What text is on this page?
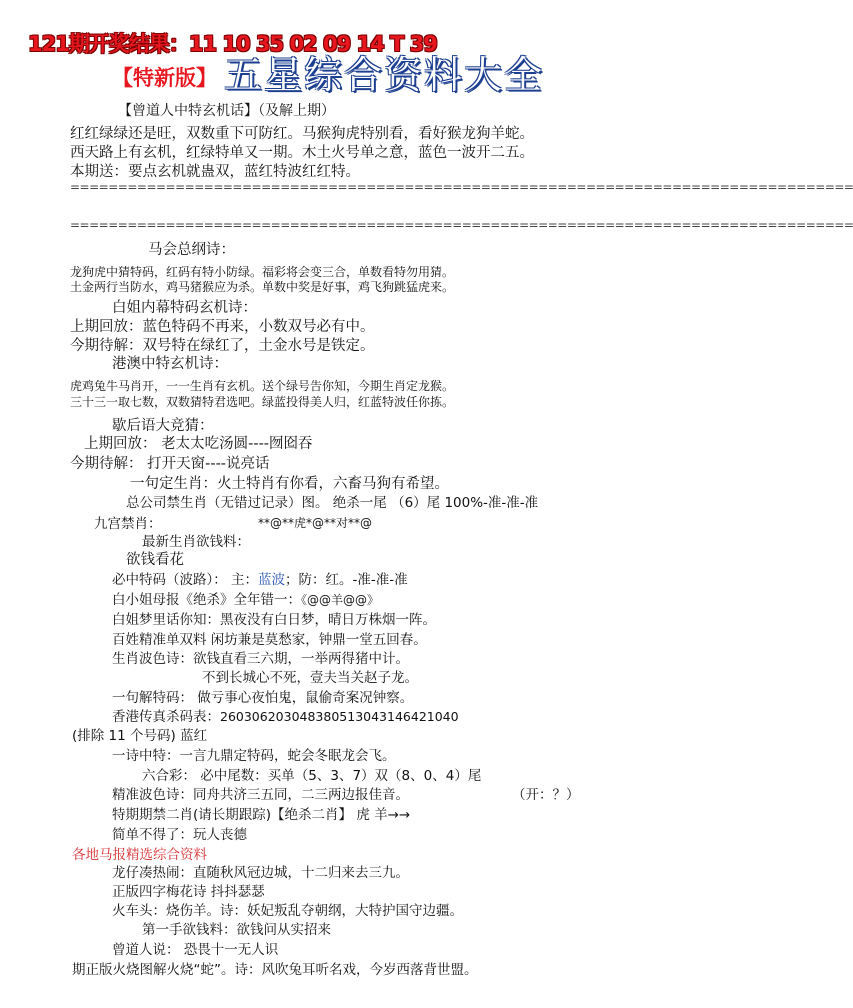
121期开奖结果：11 10 35 02 09 14 T 39
【特新版】 五星综合资料大全
【曾道人中特玄机话】（及解上期）
红红绿绿还是旺，双数重下可防红。马猴狗虎特别看，看好猴龙狗羊蛇。
西天路上有玄机，红绿特单又一期。木土火号单之意，蓝色一波开二五。
本期送：要点玄机就蛊双，蓝红特波红红特。
==================================================================================
==================================================================================
马会总纲诗：
龙狗虎中猜特码，红码有特小防绿。福彩将会变三合，单数看特勿用猜。
土金两行当防水，鸡马猪猴应为杀。单数中奖是好事，鸡飞狗跳猛虎来。
白姐内幕特码玄机诗：
上期回放：蓝色特码不再来，小数双号必有中。
今期待解：双号特在绿红了，土金水号是铁定。
港澳中特玄机诗：
虎鸡兔牛马肖开，一一生肖有玄机。送个绿号告你知，今期生肖定龙猴。
三十三一取七数，双数猜特君选吧。绿蓝投得美人归，红蓝特波任你拣。
歇后语大竞猜：
上期回放： 老太太吃汤圆----囫囵吞
今期待解： 打开天窗----说亮话
一句定生肖：火土特肖有你看，六畜马狗有希望。
总公司禁生肖（无错过记录）图。 绝杀一尾 （6）尾 100%-准-准-准
九宫禁肖：	**@**虎*@**对**@
最新生肖欲钱料：
欲钱看花
必中特码（波路）： 主：蓝波；防：红。-准-准-准
白小姐母报《绝杀》全年错一：《@@羊@@》
白姐梦里话你知：黑夜没有白日梦，晴日万株烟一阵。
百姓精准单双料 闲坊兼是莫愁家，钟鼎一堂五回春。
生肖波色诗：欲钱直看三六期，一举两得猪中计。
不到长城心不死，壹夫当关赵子龙。
一句解特码： 做亏事心夜怕鬼，鼠偷奇案况钟察。
香港传真杀码表：2603062030483805130431464210​40
(排除 11 个号码) 蓝红
一诗中特：一言九鼎定特码，蛇会冬眠龙会飞。
六合彩： 必中尾数：买单（5、3、7）双（8、0、4）尾
精准波色诗：同舟共济三五同，二三两边报佳音。	（开：？）
特期期禁二肖(请长期跟踪)【绝杀二肖】 虎 羊→→
简单不得了：玩人丧德
各地马报精选综合资料
龙仔凑热闹：直随秋风冠边城，十二归来去三九。
正版四字梅花诗 抖抖瑟瑟
火车头：烧伤羊。诗：妖妃叛乱夺朝纲，大特护国守边疆。
第一手欲钱料：欲钱问从实招来
曾道人说： 恐畏十一无人识
期正版火烧图解火烧“蛇”。诗：风吹兔耳听名戏，今岁西落背世盟。
